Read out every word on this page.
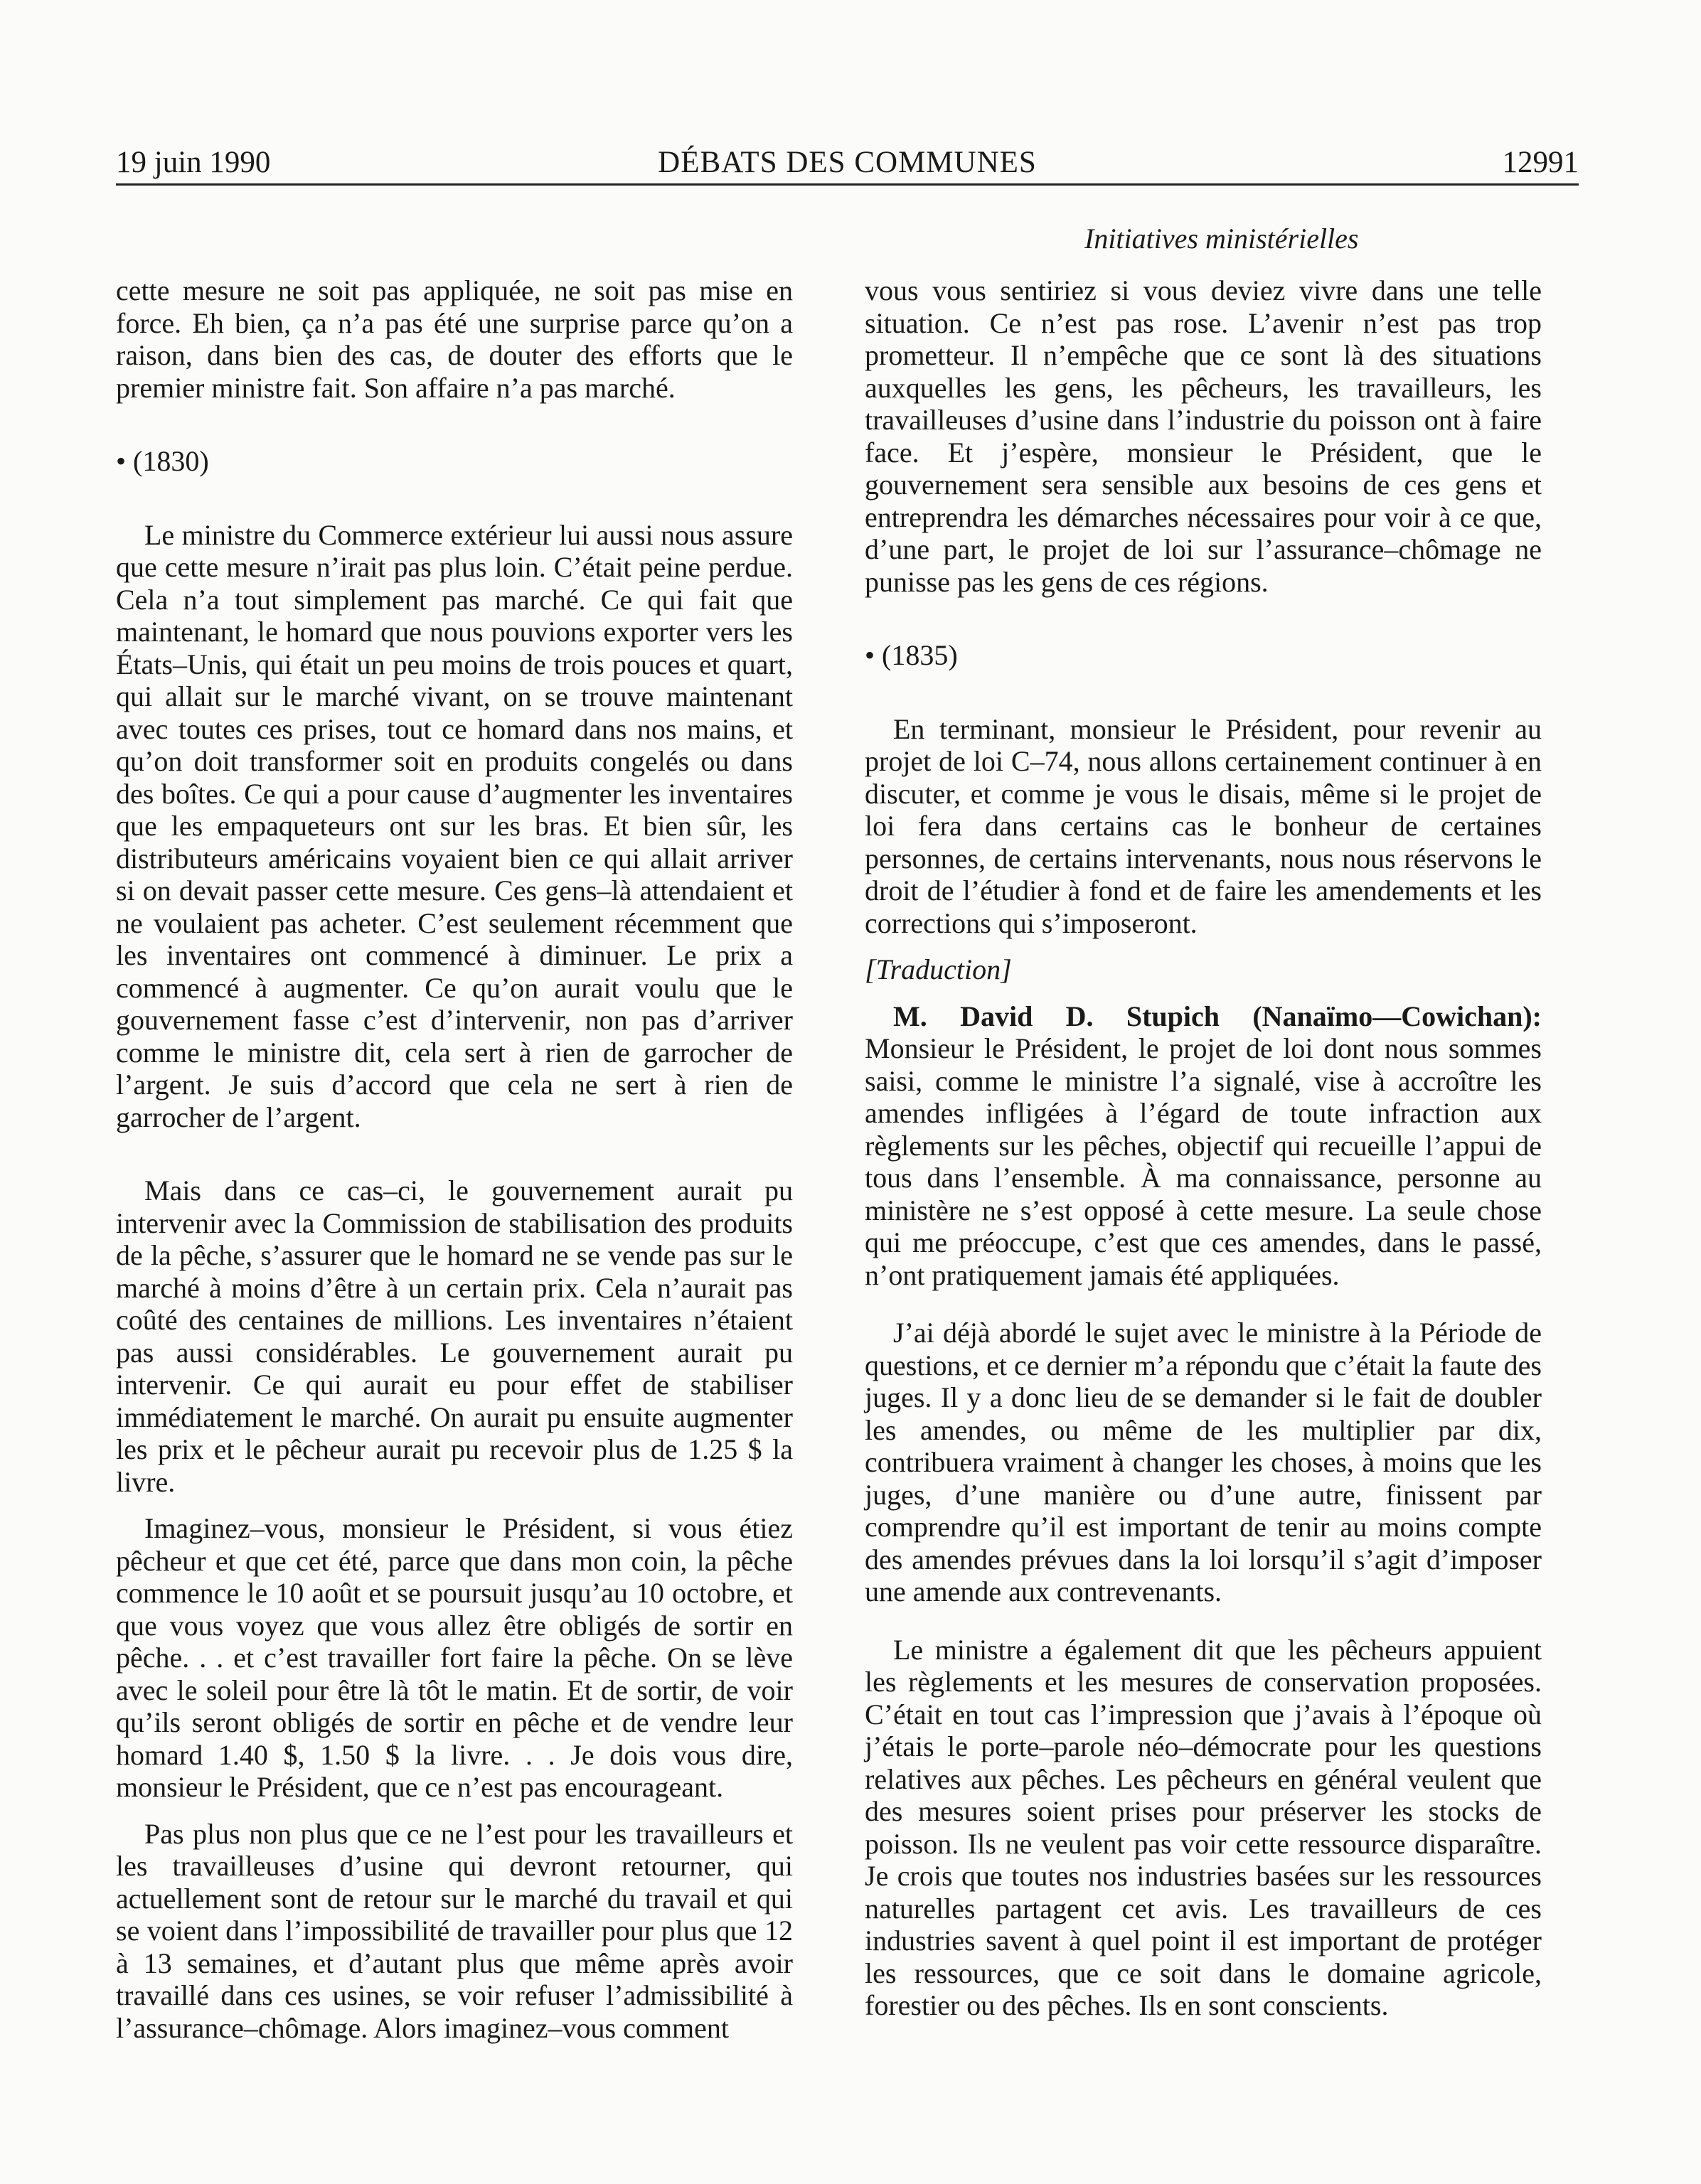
19 juin 1990	DÉBATS DES COMMUNES	12991
Initiatives ministérielles

cette mesure ne soit pas appliquée, ne soit pas mise en force. Eh bien, ça n’a pas été une surprise parce qu’on a raison, dans bien des cas, de douter des efforts que le premier ministre fait. Son affaire n’a pas marché.

• (1830)

Le ministre du Commerce extérieur lui aussi nous assure que cette mesure n’irait pas plus loin. C’était peine perdue. Cela n’a tout simplement pas marché. Ce qui fait que maintenant, le homard que nous pouvions exporter vers les États–Unis, qui était un peu moins de trois pouces et quart, qui allait sur le marché vivant, on se trouve maintenant avec toutes ces prises, tout ce homard dans nos mains, et qu’on doit transformer soit en produits congelés ou dans des boîtes. Ce qui a pour cause d’augmenter les inventaires que les empaqueteurs ont sur les bras. Et bien sûr, les distributeurs américains voyaient bien ce qui allait arriver si on devait passer cette mesure. Ces gens–là attendaient et ne voulaient pas acheter. C’est seulement récemment que les inventaires ont commencé à diminuer. Le prix a commencé à augmenter. Ce qu’on aurait voulu que le gouvernement fasse c’est d’intervenir, non pas d’arriver comme le ministre dit, cela sert à rien de garrocher de l’argent. Je suis d’accord que cela ne sert à rien de garrocher de l’argent.

Mais dans ce cas–ci, le gouvernement aurait pu intervenir avec la Commission de stabilisation des produits de la pêche, s’assurer que le homard ne se vende pas sur le marché à moins d’être à un certain prix. Cela n’aurait pas coûté des centaines de millions. Les inventaires n’étaient pas aussi considérables. Le gouvernement aurait pu intervenir. Ce qui aurait eu pour effet de stabiliser immédiatement le marché. On aurait pu ensuite augmenter les prix et le pêcheur aurait pu recevoir plus de 1.25 $ la livre.

Imaginez–vous, monsieur le Président, si vous étiez pêcheur et que cet été, parce que dans mon coin, la pêche commence le 10 août et se poursuit jusqu’au 10 octobre, et que vous voyez que vous allez être obligés de sortir en pêche. . . et c’est travailler fort faire la pêche. On se lève avec le soleil pour être là tôt le matin. Et de sortir, de voir qu’ils seront obligés de sortir en pêche et de vendre leur homard 1.40 $, 1.50 $ la livre. . . Je dois vous dire, monsieur le Président, que ce n’est pas encourageant.

Pas plus non plus que ce ne l’est pour les travailleurs et les travailleuses d’usine qui devront retourner, qui actuellement sont de retour sur le marché du travail et qui se voient dans l’impossibilité de travailler pour plus que 12 à 13 semaines, et d’autant plus que même après avoir travaillé dans ces usines, se voir refuser l’admissibilité à l’assurance–chômage. Alors imaginez–vous comment

vous vous sentiriez si vous deviez vivre dans une telle situation. Ce n’est pas rose. L’avenir n’est pas trop prometteur. Il n’empêche que ce sont là des situations auxquelles les gens, les pêcheurs, les travailleurs, les travailleuses d’usine dans l’industrie du poisson ont à faire face. Et j’espère, monsieur le Président, que le gouvernement sera sensible aux besoins de ces gens et entreprendra les démarches nécessaires pour voir à ce que, d’une part, le projet de loi sur l’assurance–chômage ne punisse pas les gens de ces régions.

• (1835)

En terminant, monsieur le Président, pour revenir au projet de loi C–74, nous allons certainement continuer à en discuter, et comme je vous le disais, même si le projet de loi fera dans certains cas le bonheur de certaines personnes, de certains intervenants, nous nous réservons le droit de l’étudier à fond et de faire les amendements et les corrections qui s’imposeront.

[Traduction]

M. David D. Stupich (Nanaïmo—Cowichan): Monsieur le Président, le projet de loi dont nous sommes saisi, comme le ministre l’a signalé, vise à accroître les amendes infligées à l’égard de toute infraction aux règlements sur les pêches, objectif qui recueille l’appui de tous dans l’ensemble. À ma connaissance, personne au ministère ne s’est opposé à cette mesure. La seule chose qui me préoccupe, c’est que ces amendes, dans le passé, n’ont pratiquement jamais été appliquées.

J’ai déjà abordé le sujet avec le ministre à la Période de questions, et ce dernier m’a répondu que c’était la faute des juges. Il y a donc lieu de se demander si le fait de doubler les amendes, ou même de les multiplier par dix, contribuera vraiment à changer les choses, à moins que les juges, d’une manière ou d’une autre, finissent par comprendre qu’il est important de tenir au moins compte des amendes prévues dans la loi lorsqu’il s’agit d’imposer une amende aux contrevenants.

Le ministre a également dit que les pêcheurs appuient les règlements et les mesures de conservation proposées. C’était en tout cas l’impression que j’avais à l’époque où j’étais le porte–parole néo–démocrate pour les questions relatives aux pêches. Les pêcheurs en général veulent que des mesures soient prises pour préserver les stocks de poisson. Ils ne veulent pas voir cette ressource disparaître. Je crois que toutes nos industries basées sur les ressources naturelles partagent cet avis. Les travailleurs de ces industries savent à quel point il est important de protéger les ressources, que ce soit dans le domaine agricole, forestier ou des pêches. Ils en sont conscients.
